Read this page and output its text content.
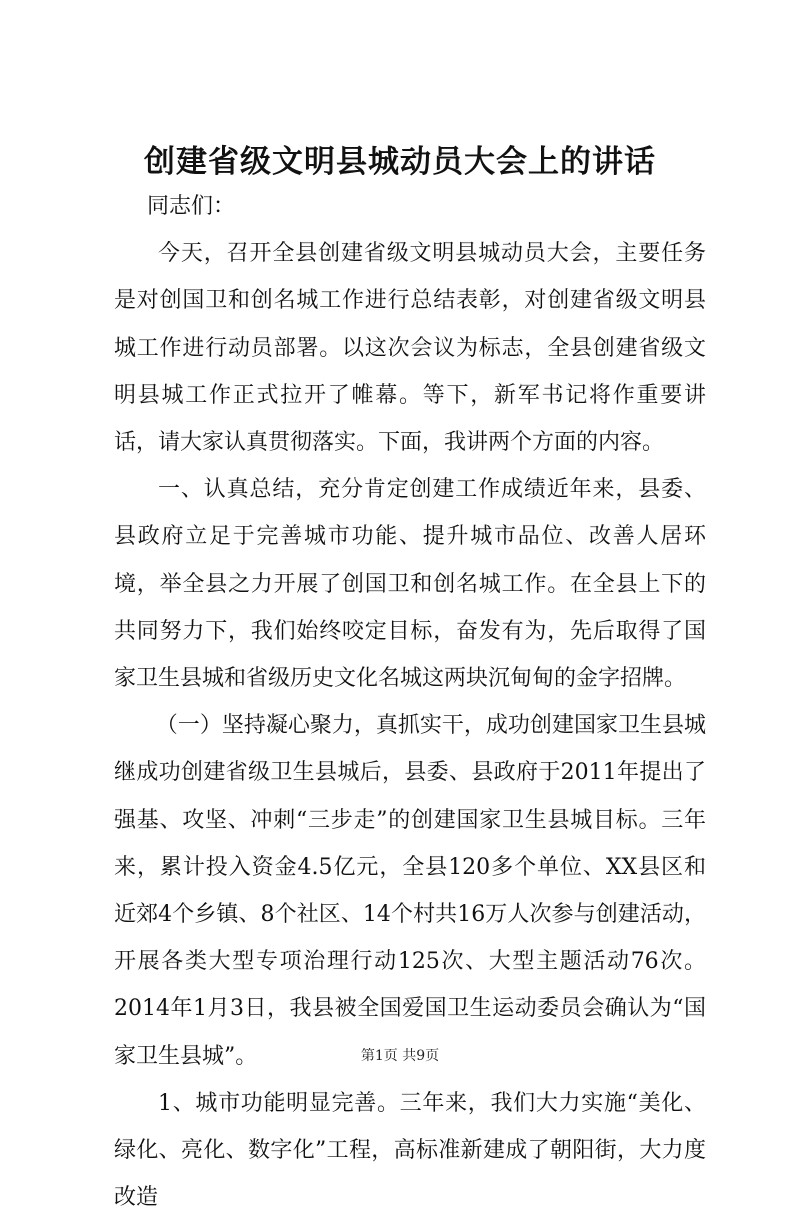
创建省级文明县城动员大会上的讲话

同志们：

今天，召开全县创建省级文明县城动员大会，主要任务是对创国卫和创名城工作进行总结表彰，对创建省级文明县城工作进行动员部署。以这次会议为标志，全县创建省级文明县城工作正式拉开了帷幕。等下，新军书记将作重要讲话，请大家认真贯彻落实。下面，我讲两个方面的内容。

一、认真总结，充分肯定创建工作成绩近年来，县委、县政府立足于完善城市功能、提升城市品位、改善人居环境，举全县之力开展了创国卫和创名城工作。在全县上下的共同努力下，我们始终咬定目标，奋发有为，先后取得了国家卫生县城和省级历史文化名城这两块沉甸甸的金字招牌。

（一）坚持凝心聚力，真抓实干，成功创建国家卫生县城继成功创建省级卫生县城后，县委、县政府于2011年提出了强基、攻坚、冲刺“三步走”的创建国家卫生县城目标。三年来，累计投入资金4.5亿元，全县120多个单位、XX县区和近郊4个乡镇、8个社区、14个村共16万人次参与创建活动，开展各类大型专项治理行动125次、大型主题活动76次。2014年1月3日，我县被全国爱国卫生运动委员会确认为“国家卫生县城”。

1、城市功能明显完善。三年来，我们大力实施“美化、绿化、亮化、数字化”工程，高标准新建成了朝阳街，大力度改造

第1页 共9页
